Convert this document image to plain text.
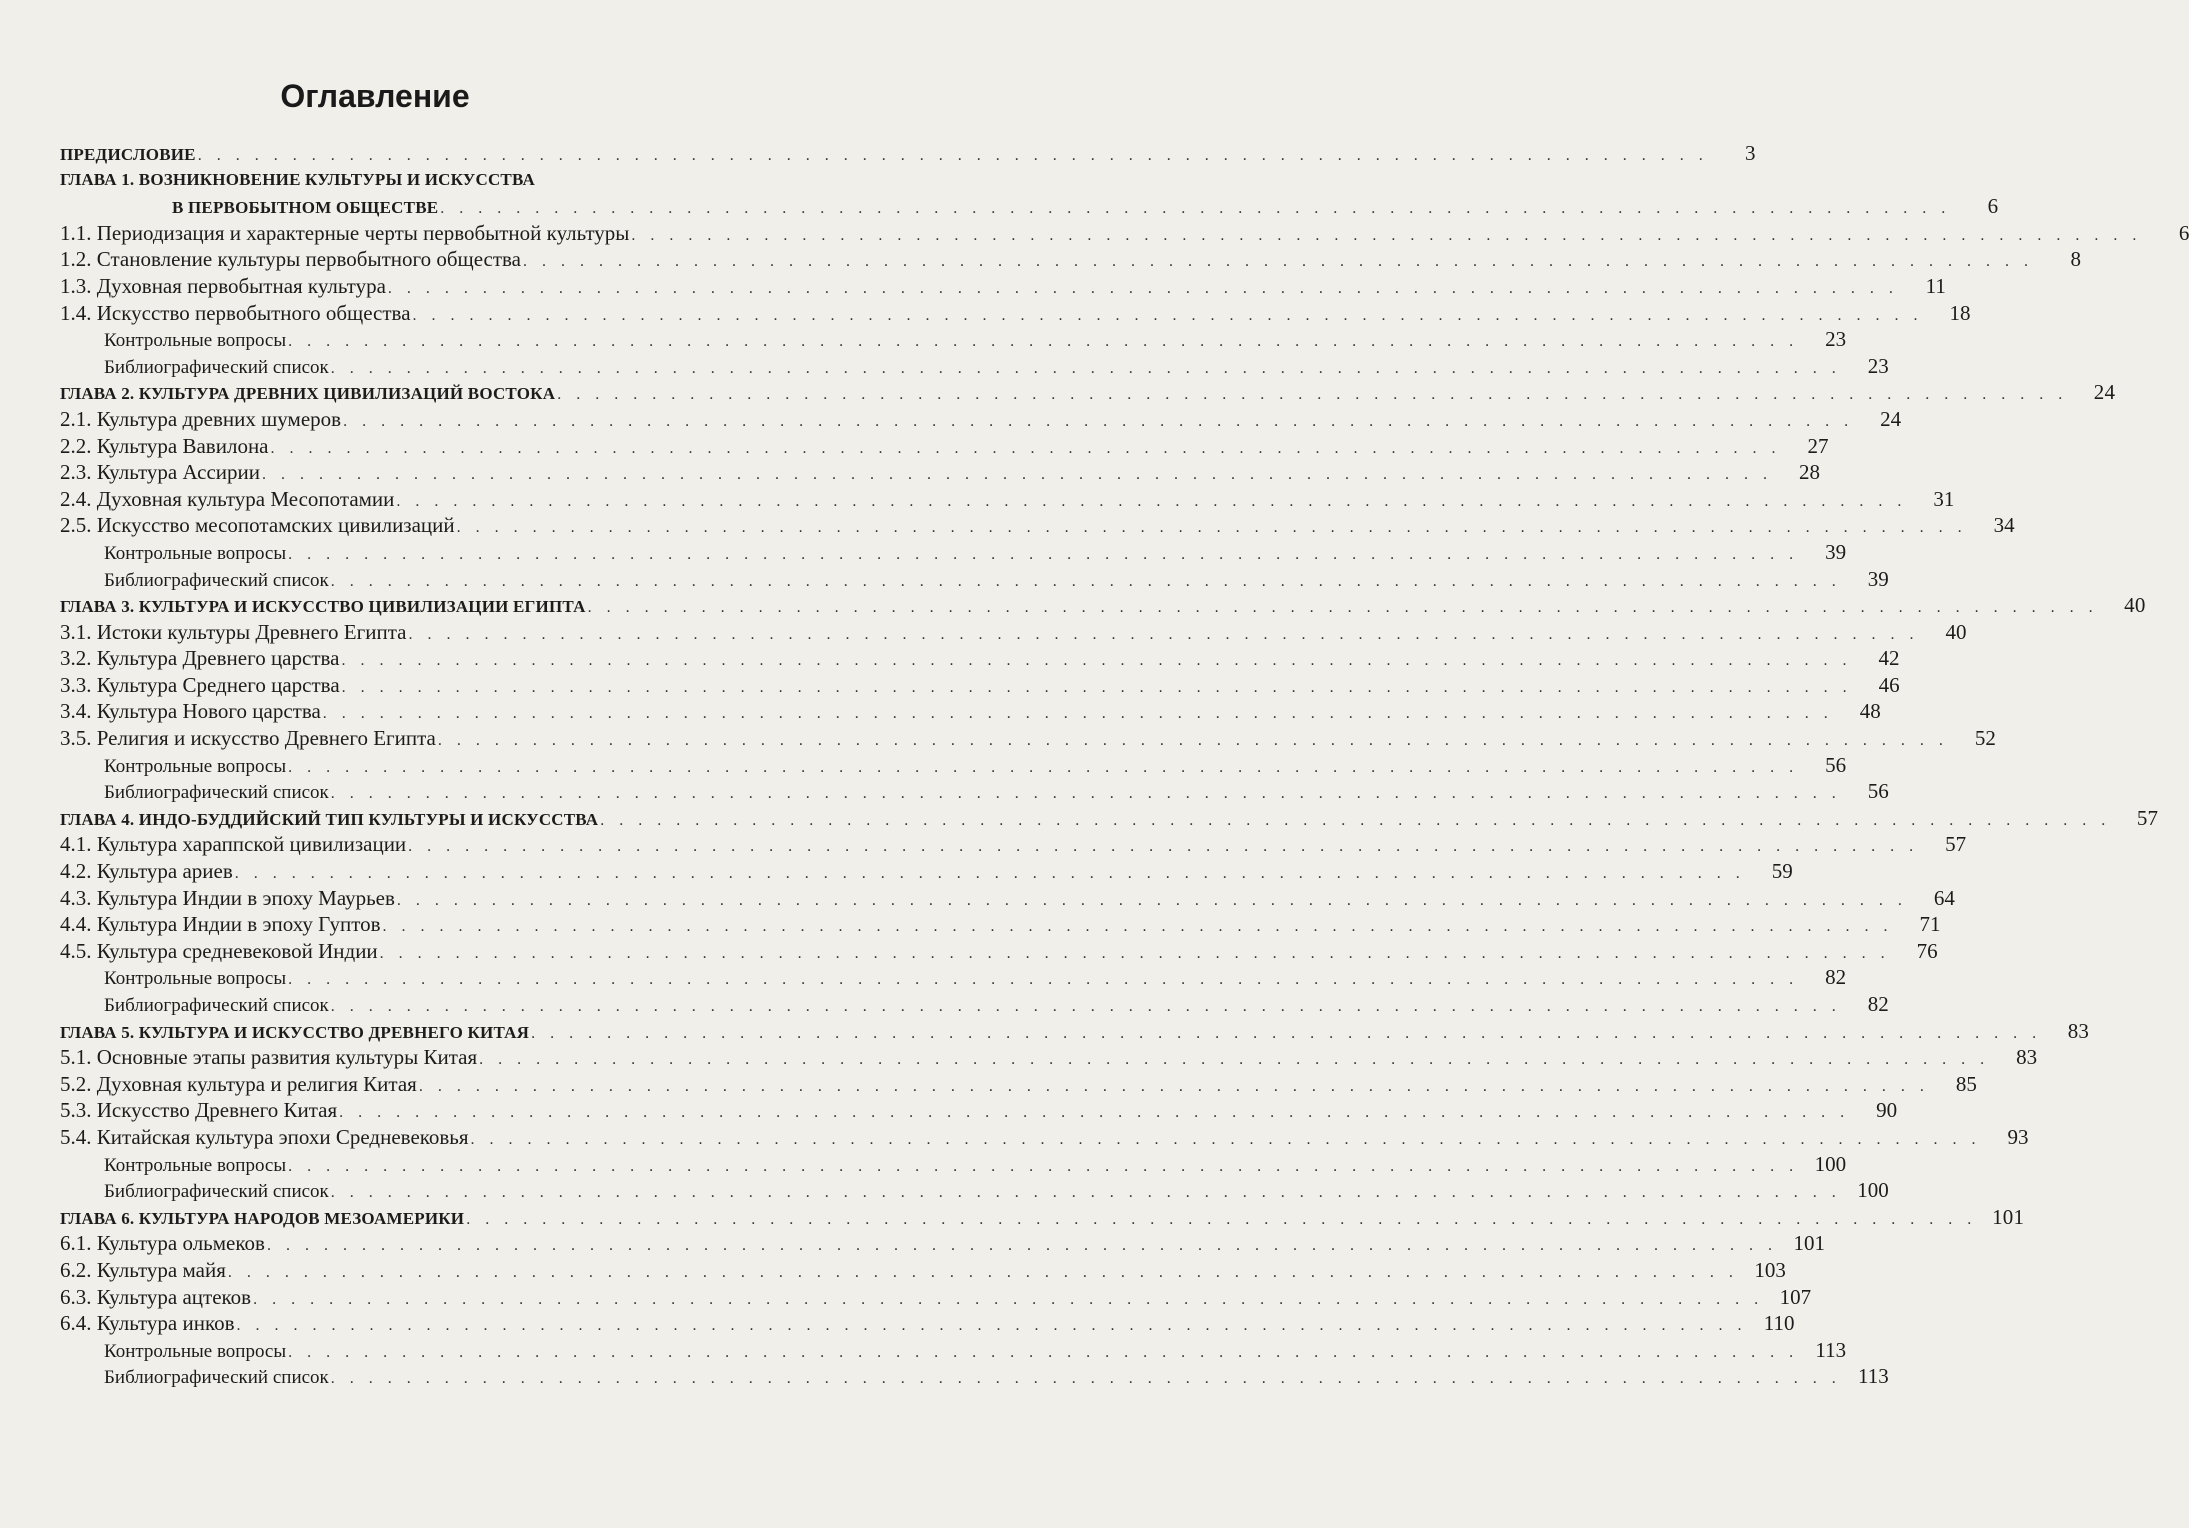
Оглавление
ПРЕДИСЛОВИЕ ................................................................................	3
ГЛАВА 1. ВОЗНИКНОВЕНИЕ КУЛЬТУРЫ И ИСКУССТВА
В ПЕРВОБЫТНОМ ОБЩЕСТВЕ ................................................................................	6
1.1. Периодизация и характерные черты первобытной культуры ................................................................................	6
1.2. Становление культуры первобытного общества ................................................................................	8
1.3. Духовная первобытная культура ................................................................................ 11
1.4. Искусство первобытного общества ................................................................................ 18
Контрольные вопросы ................................................................................ 23
Библиографический список ................................................................................ 23
ГЛАВА 2. КУЛЬТУРА ДРЕВНИХ ЦИВИЛИЗАЦИЙ ВОСТОКА ................................................................................ 24
2.1. Культура древних шумеров ................................................................................ 24
2.2. Культура Вавилона ................................................................................ 27
2.3. Культура Ассирии ................................................................................ 28
2.4. Духовная культура Месопотамии ................................................................................ 31
2.5. Искусство месопотамских цивилизаций ................................................................................ 34
Контрольные вопросы ................................................................................ 39
Библиографический список ................................................................................ 39
ГЛАВА 3. КУЛЬТУРА И ИСКУССТВО ЦИВИЛИЗАЦИИ ЕГИПТА ................................................................................ 40
3.1. Истоки культуры Древнего Египта ................................................................................ 40
3.2. Культура Древнего царства ................................................................................ 42
3.3. Культура Среднего царства ................................................................................ 46
3.4. Культура Нового царства ................................................................................ 48
3.5. Религия и искусство Древнего Египта ................................................................................ 52
Контрольные вопросы ................................................................................ 56
Библиографический список ................................................................................ 56
ГЛАВА 4. ИНДО-БУДДИЙСКИЙ ТИП КУЛЬТУРЫ И ИСКУССТВА ................................................................................ 57
4.1. Культура хараппской цивилизации ................................................................................ 57
4.2. Культура ариев ................................................................................ 59
4.3. Культура Индии в эпоху Маурьев ................................................................................ 64
4.4. Культура Индии в эпоху Гуптов ................................................................................ 71
4.5. Культура средневековой Индии ................................................................................ 76
Контрольные вопросы ................................................................................ 82
Библиографический список ................................................................................ 82
ГЛАВА 5. КУЛЬТУРА И ИСКУССТВО ДРЕВНЕГО КИТАЯ ................................................................................ 83
5.1. Основные этапы развития культуры Китая ................................................................................ 83
5.2. Духовная культура и религия Китая ................................................................................ 85
5.3. Искусство Древнего Китая ................................................................................ 90
5.4. Китайская культура эпохи Средневековья ................................................................................ 93
Контрольные вопросы ................................................................................ 100
Библиографический список ................................................................................ 100
ГЛАВА 6. КУЛЬТУРА НАРОДОВ МЕЗОАМЕРИКИ ................................................................................ 101
6.1. Культура ольмеков ................................................................................ 101
6.2. Культура майя ................................................................................ 103
6.3. Культура ацтеков ................................................................................ 107
6.4. Культура инков ................................................................................ 110
Контрольные вопросы ................................................................................ 113
Библиографический список ................................................................................ 113
